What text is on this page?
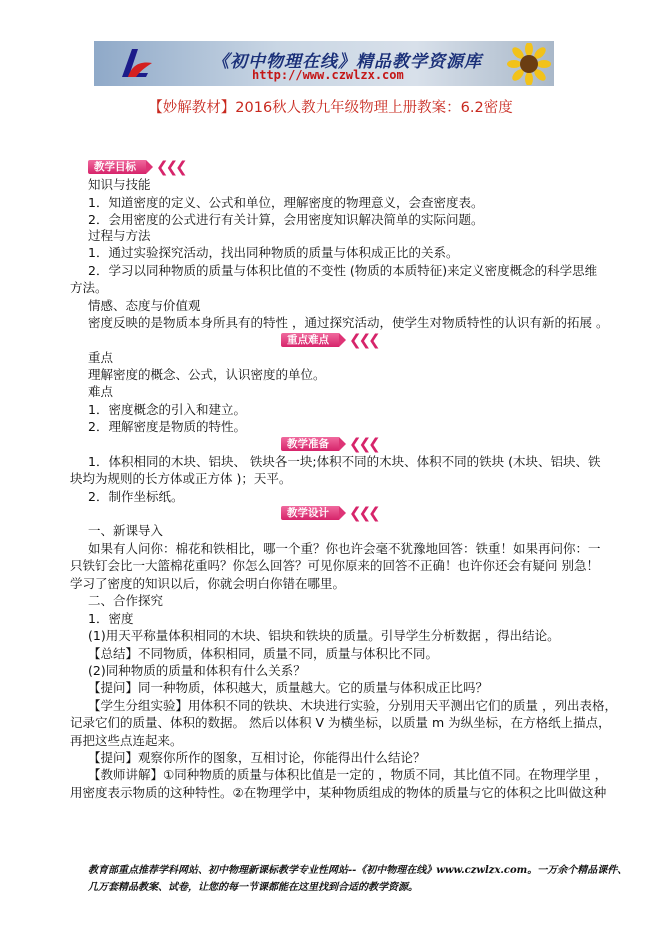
《初中物理在线》精品教学资源库
http://www.czwlzx.com
【妙解教材】2016秋人教九年级物理上册教案：6.2密度
教学目标	❮❮❮
知识与技能
1．知道密度的定义、公式和单位，理解密度的物理意义，会查密度表。
2．会用密度的公式进行有关计算，会用密度知识解决简单的实际问题。
过程与方法
1．通过实验探究活动，找出同种物质的质量与体积成正比的关系。
2．学习以同种物质的质量与体积比值的不变性 (物质的本质特征)来定义密度概念的科学思维
方法。
情感、态度与价值观
密度反映的是物质本身所具有的特性 ，通过探究活动，使学生对物质特性的认识有新的拓展 。
重点难点	❮❮❮
重点
理解密度的概念、公式，认识密度的单位。
难点
1．密度概念的引入和建立。
2．理解密度是物质的特性。
教学准备	❮❮❮
1．体积相同的木块、铝块、 铁块各一块;体积不同的木块、体积不同的铁块 (木块、铝块、铁
块均为规则的长方体或正方体 )；天平。
2．制作坐标纸。
教学设计	❮❮❮
一、新课导入
如果有人问你：棉花和铁相比，哪一个重？你也许会毫不犹豫地回答：铁重！如果再问你：一
只铁钉会比一大篮棉花重吗？你怎么回答？可见你原来的回答不正确！也许你还会有疑问 别急！
学习了密度的知识以后，你就会明白你错在哪里。
二、合作探究
1．密度
(1)用天平称量体积相同的木块、铝块和铁块的质量。引导学生分析数据 ，得出结论。
【总结】不同物质，体积相同，质量不同，质量与体积比不同。
(2)同种物质的质量和体积有什么关系？
【提问】同一种物质，体积越大，质量越大。它的质量与体积成正比吗？
【学生分组实验】用体积不同的铁块、木块进行实验，分别用天平测出它们的质量 ，列出表格，
记录它们的质量、体积的数据。 然后以体积 V 为横坐标，以质量 m 为纵坐标，在方格纸上描点，
再把这些点连起来。
【提问】观察你所作的图象，互相讨论，你能得出什么结论？
【教师讲解】①同种物质的质量与体积比值是一定的 ，物质不同，其比值不同。在物理学里 ，
用密度表示物质的这种特性。②在物理学中，某种物质组成的物体的质量与它的体积之比叫做这种
教育部重点推荐学科网站、初中物理新课标教学专业性网站--《初中物理在线》www.czwlzx.com。一万余个精品课件、
几万套精品教案、试卷，让您的每一节课都能在这里找到合适的教学资源。
